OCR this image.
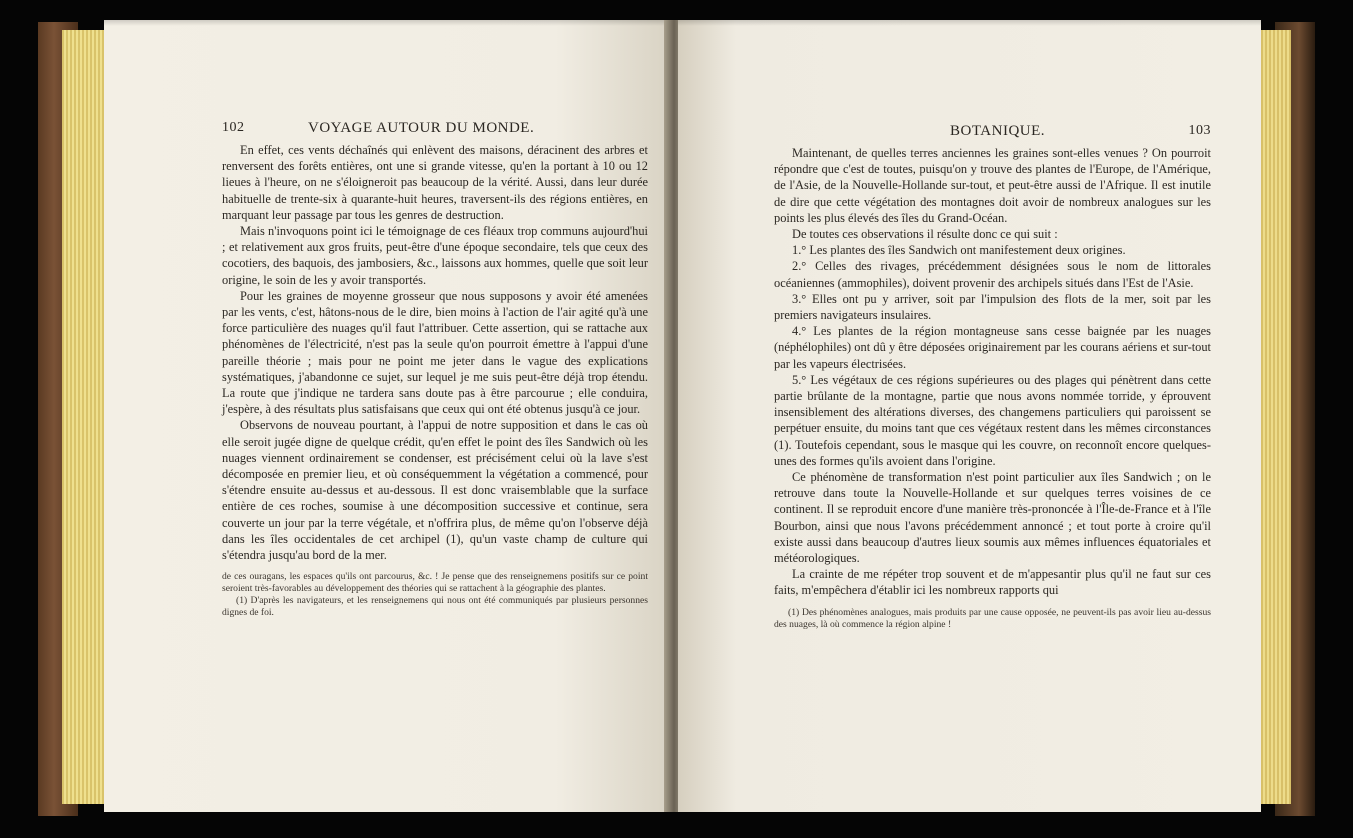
102	VOYAGE AUTOUR DU MONDE.

En effet, ces vents déchaînés qui enlèvent des maisons, déracinent des arbres et renversent des forêts entières, ont une si grande vitesse, qu'en la portant à 10 ou 12 lieues à l'heure, on ne s'éloigneroit pas beaucoup de la vérité. Aussi, dans leur durée habituelle de trente-six à quarante-huit heures, traversent-ils des régions entières, en marquant leur passage par tous les genres de destruction.

Mais n'invoquons point ici le témoignage de ces fléaux trop communs aujourd'hui ; et relativement aux gros fruits, peut-être d'une époque secondaire, tels que ceux des cocotiers, des baquois, des jambosiers, &c., laissons aux hommes, quelle que soit leur origine, le soin de les y avoir transportés.

Pour les graines de moyenne grosseur que nous supposons y avoir été amenées par les vents, c'est, hâtons-nous de le dire, bien moins à l'action de l'air agité qu'à une force particulière des nuages qu'il faut l'attribuer. Cette assertion, qui se rattache aux phénomènes de l'électricité, n'est pas la seule qu'on pourroit émettre à l'appui d'une pareille théorie ; mais pour ne point me jeter dans le vague des explications systématiques, j'abandonne ce sujet, sur lequel je me suis peut-être déjà trop étendu. La route que j'indique ne tardera sans doute pas à être parcourue ; elle conduira, j'espère, à des résultats plus satisfaisans que ceux qui ont été obtenus jusqu'à ce jour.

Observons de nouveau pourtant, à l'appui de notre supposition et dans le cas où elle seroit jugée digne de quelque crédit, qu'en effet le point des îles Sandwich où les nuages viennent ordinairement se condenser, est précisément celui où la lave s'est décomposée en premier lieu, et où conséquemment la végétation a commencé, pour s'étendre ensuite au-dessus et au-dessous. Il est donc vraisemblable que la surface entière de ces roches, soumise à une décomposition successive et continue, sera couverte un jour par la terre végétale, et n'offrira plus, de même qu'on l'observe déjà dans les îles occidentales de cet archipel (1), qu'un vaste champ de culture qui s'étendra jusqu'au bord de la mer.

de ces ouragans, les espaces qu'ils ont parcourus, &c. ! Je pense que des renseignemens positifs sur ce point seroient très-favorables au développement des théories qui se rattachent à la géographie des plantes.

(1) D'après les navigateurs, et les renseignemens qui nous ont été communiqués par plusieurs personnes dignes de foi.

BOTANIQUE.	103

Maintenant, de quelles terres anciennes les graines sont-elles venues ? On pourroit répondre que c'est de toutes, puisqu'on y trouve des plantes de l'Europe, de l'Amérique, de l'Asie, de la Nouvelle-Hollande sur-tout, et peut-être aussi de l'Afrique. Il est inutile de dire que cette végétation des montagnes doit avoir de nombreux analogues sur les points les plus élevés des îles du Grand-Océan.

De toutes ces observations il résulte donc ce qui suit :

1.° Les plantes des îles Sandwich ont manifestement deux origines.

2.° Celles des rivages, précédemment désignées sous le nom de littorales océaniennes (ammophiles), doivent provenir des archipels situés dans l'Est de l'Asie.

3.° Elles ont pu y arriver, soit par l'impulsion des flots de la mer, soit par les premiers navigateurs insulaires.

4.° Les plantes de la région montagneuse sans cesse baignée par les nuages (néphélophiles) ont dû y être déposées originairement par les courans aériens et sur-tout par les vapeurs électrisées.

5.° Les végétaux de ces régions supérieures ou des plages qui pénètrent dans cette partie brûlante de la montagne, partie que nous avons nommée torride, y éprouvent insensiblement des altérations diverses, des changemens particuliers qui paroissent se perpétuer ensuite, du moins tant que ces végétaux restent dans les mêmes circonstances (1). Toutefois cependant, sous le masque qui les couvre, on reconnoît encore quelques-unes des formes qu'ils avoient dans l'origine.

Ce phénomène de transformation n'est point particulier aux îles Sandwich ; on le retrouve dans toute la Nouvelle-Hollande et sur quelques terres voisines de ce continent. Il se reproduit encore d'une manière très-prononcée à l'Île-de-France et à l'île Bourbon, ainsi que nous l'avons précédemment annoncé ; et tout porte à croire qu'il existe aussi dans beaucoup d'autres lieux soumis aux mêmes influences équatoriales et météorologiques.

La crainte de me répéter trop souvent et de m'appesantir plus qu'il ne faut sur ces faits, m'empêchera d'établir ici les nombreux rapports qui

(1) Des phénomènes analogues, mais produits par une cause opposée, ne peuvent-ils pas avoir lieu au-dessus des nuages, là où commence la région alpine !
